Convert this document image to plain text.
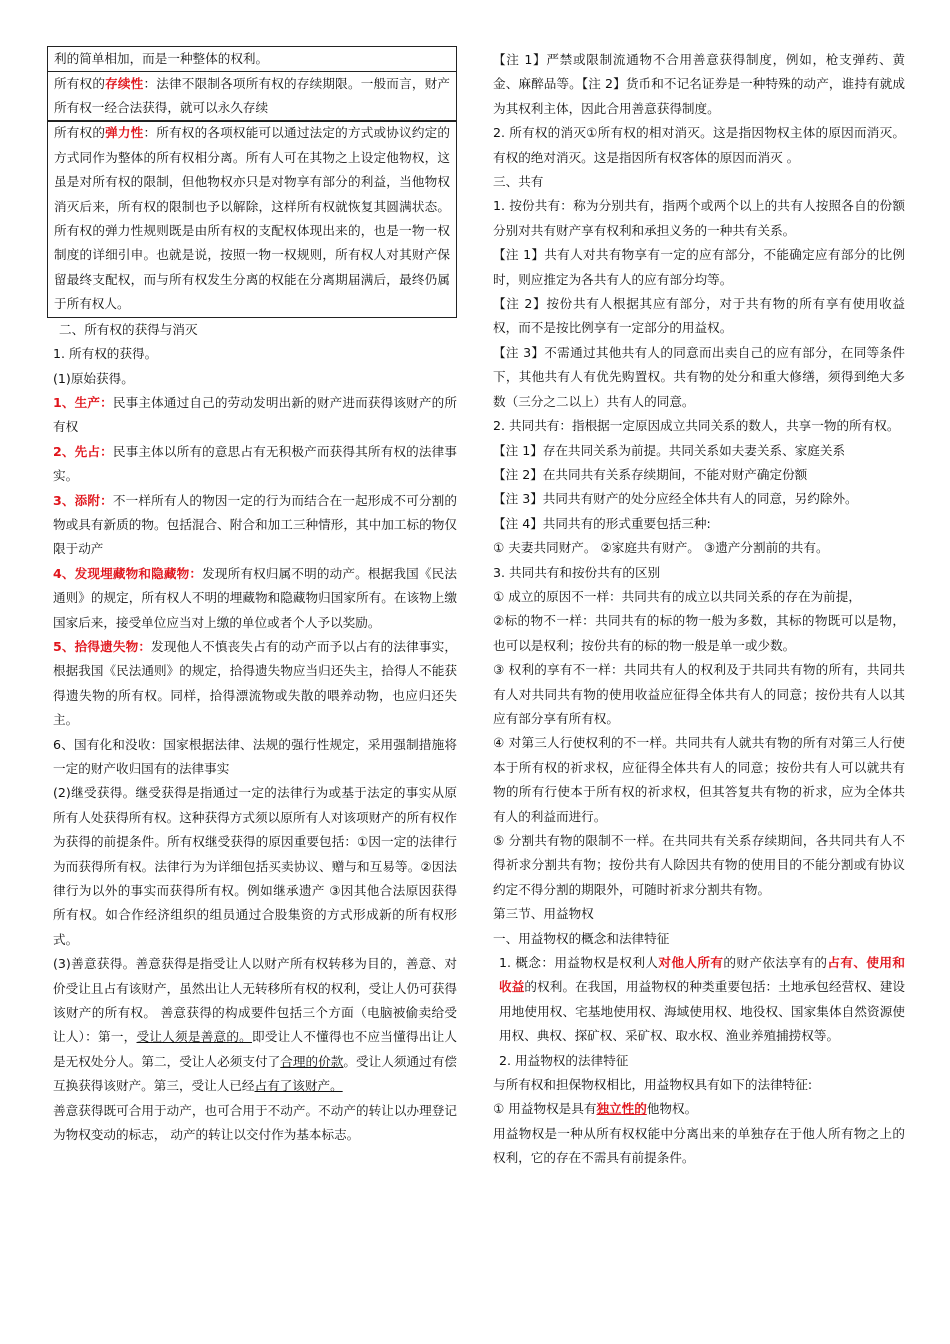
利的简单相加，而是一种整体的权利。

所有权的存续性：法律不限制各项所有权的存续期限。一般而言，财产所有权一经合法获得，就可以永久存续

所有权的弹力性：所有权的各项权能可以通过法定的方式或协议约定的方式同作为整体的所有权相分离。所有人可在其物之上设定他物权，这虽是对所有权的限制，但他物权亦只是对物享有部分的利益，当他物权消灭后来，所有权的限制也予以解除，这样所有权就恢复其圆满状态。所有权的弹力性规则既是由所有权的支配权体现出来的，也是一物一权制度的详细引申。也就是说，按照一物一权规则，所有权人对其财产保留最终支配权，而与所有权发生分离的权能在分离期届满后，最终仍属于所有权人。

二、所有权的获得与消灭

1. 所有权的获得。

(1)原始获得。

1、生产：民事主体通过自己的劳动发明出新的财产进而获得该财产的所有权

2、先占：民事主体以所有的意思占有无积极产而获得其所有权的法律事实。

3、添附：不一样所有人的物因一定的行为而结合在一起形成不可分割的物或具有新质的物。包括混合、附合和加工三种情形，其中加工标的物仅限于动产

4、发现埋藏物和隐藏物：发现所有权归属不明的动产。根据我国《民法通则》的规定，所有权人不明的埋藏物和隐藏物归国家所有。在该物上缴国家后来，接受单位应当对上缴的单位或者个人予以奖励。

5、拾得遗失物：发现他人不慎丧失占有的动产而予以占有的法律事实，根据我国《民法通则》的规定，拾得遗失物应当归还失主，拾得人不能获得遗失物的所有权。同样，拾得漂流物或失散的喂养动物，也应归还失主。

6、国有化和没收：国家根据法律、法规的强行性规定，采用强制措施将一定的财产收归国有的法律事实

(2)继受获得。继受获得是指通过一定的法律行为或基于法定的事实从原所有人处获得所有权。这种获得方式须以原所有人对该项财产的所有权作为获得的前提条件。所有权继受获得的原因重要包括：①因一定的法律行为而获得所有权。法律行为为详细包括买卖协议、赠与和互易等。②因法律行为以外的事实而获得所有权。例如继承遗产 ③因其他合法原因获得所有权。如合作经济组织的组员通过合股集资的方式形成新的所有权形式。

(3)善意获得。善意获得是指受让人以财产所有权转移为目的，善意、对价受让且占有该财产，虽然出让人无转移所有权的权利，受让人仍可获得该财产的所有权。 善意获得的构成要件包括三个方面（电脑被偷卖给受让人）：第一，受让人须是善意的。即受让人不懂得也不应当懂得出让人是无权处分人。第二，受让人必须支付了合理的价款。受让人须通过有偿互换获得该财产。第三，受让人已经占有了该财产。

善意获得既可合用于动产，也可合用于不动产。不动产的转让以办理登记为物权变动的标志， 动产的转让以交付作为基本标志。

【注 1】严禁或限制流通物不合用善意获得制度，例如，枪支弹药、黄金、麻醉品等。【注 2】货币和不记名证券是一种特殊的动产，谁持有就成为其权利主体，因此合用善意获得制度。

2. 所有权的消灭①所有权的相对消灭。这是指因物权主体的原因而消灭。 有权的绝对消灭。这是指因所有权客体的原因而消灭 。

三、共有

1. 按份共有：称为分别共有，指两个或两个以上的共有人按照各自的份额分别对共有财产享有权利和承担义务的一种共有关系。

【注 1】共有人对共有物享有一定的应有部分，不能确定应有部分的比例时，则应推定为各共有人的应有部分均等。

【注 2】按份共有人根据其应有部分，对于共有物的所有享有使用收益权，而不是按比例享有一定部分的用益权。

【注 3】不需通过其他共有人的同意而出卖自己的应有部分，在同等条件下，其他共有人有优先购置权。共有物的处分和重大修缮，须得到绝大多数（三分之二以上）共有人的同意。

2. 共同共有：指根据一定原因成立共同关系的数人，共享一物的所有权。

【注 1】存在共同关系为前提。共同关系如夫妻关系、家庭关系

【注 2】在共同共有关系存续期间，不能对财产确定份额

【注 3】共同共有财产的处分应经全体共有人的同意，另约除外。

【注 4】共同共有的形式重要包括三种:

① 夫妻共同财产。 ②家庭共有财产。 ③遗产分割前的共有。

3. 共同共有和按份共有的区别

① 成立的原因不一样：共同共有的成立以共同关系的存在为前提，

②标的物不一样：共同共有的标的物一般为多数，其标的物既可以是物，也可以是权利；按份共有的标的物一般是单一或少数。

③ 权利的享有不一样：共同共有人的权利及于共同共有物的所有，共同共有人对共同共有物的使用收益应征得全体共有人的同意；按份共有人以其应有部分享有所有权。

④ 对第三人行使权利的不一样。共同共有人就共有物的所有对第三人行使本于所有权的祈求权，应征得全体共有人的同意；按份共有人可以就共有物的所有行使本于所有权的祈求权，但其答复共有物的祈求，应为全体共有人的利益而进行。

⑤ 分割共有物的限制不一样。在共同共有关系存续期间，各共同共有人不得祈求分割共有物；按份共有人除因共有物的使用目的不能分割或有协议约定不得分割的期限外，可随时祈求分割共有物。

第三节、用益物权

一、用益物权的概念和法律特征

1. 概念：用益物权是权利人对他人所有的财产依法享有的占有、使用和收益的权利。在我国，用益物权的种类重要包括：土地承包经营权、建设用地使用权、宅基地使用权、海域使用权、地役权、国家集体自然资源使用权、典权、探矿权、采矿权、取水权、渔业养殖捕捞权等。

2. 用益物权的法律特征

与所有权和担保物权相比，用益物权具有如下的法律特征:

① 用益物权是具有独立性的他物权。

用益物权是一种从所有权权能中分离出来的单独存在于他人所有物之上的权利，它的存在不需具有前提条件。
